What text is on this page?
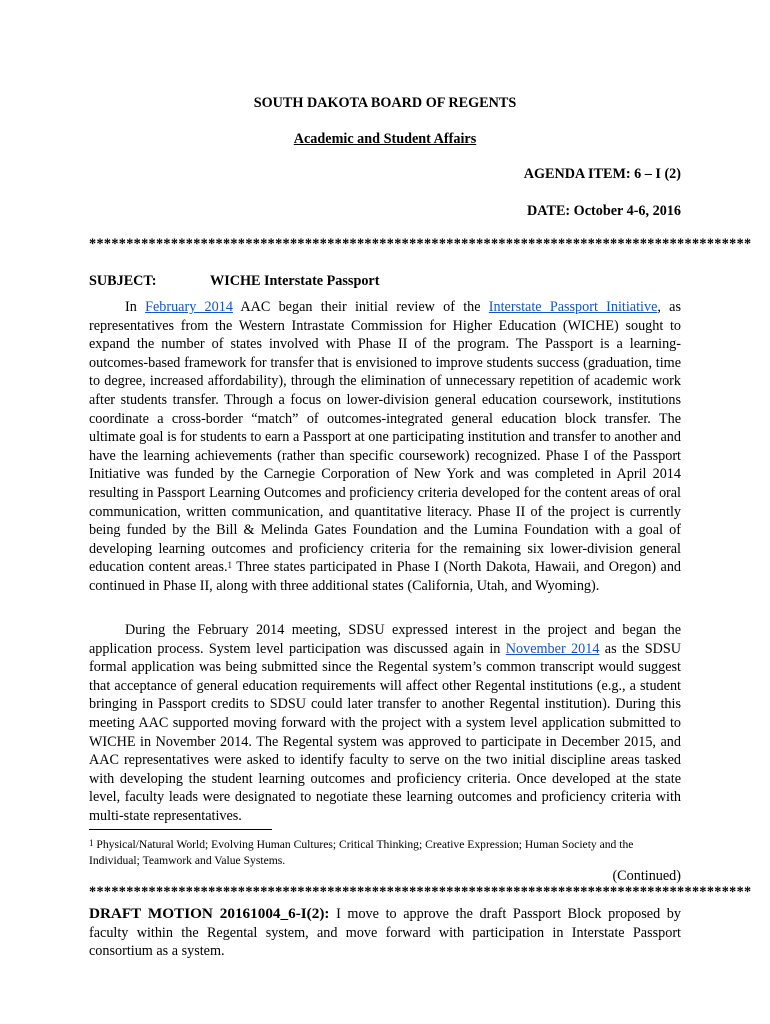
SOUTH DAKOTA BOARD OF REGENTS
Academic and Student Affairs
AGENDA ITEM: 6 – I (2)
DATE: October 4-6, 2016
*****************************************************************************************
SUBJECT:	WICHE Interstate Passport

In February 2014 AAC began their initial review of the Interstate Passport Initiative, as representatives from the Western Intrastate Commission for Higher Education (WICHE) sought to expand the number of states involved with Phase II of the program. The Passport is a learning-outcomes-based framework for transfer that is envisioned to improve students success (graduation, time to degree, increased affordability), through the elimination of unnecessary repetition of academic work after students transfer. Through a focus on lower-division general education coursework, institutions coordinate a cross-border “match” of outcomes-integrated general education block transfer. The ultimate goal is for students to earn a Passport at one participating institution and transfer to another and have the learning achievements (rather than specific coursework) recognized. Phase I of the Passport Initiative was funded by the Carnegie Corporation of New York and was completed in April 2014 resulting in Passport Learning Outcomes and proficiency criteria developed for the content areas of oral communication, written communication, and quantitative literacy. Phase II of the project is currently being funded by the Bill & Melinda Gates Foundation and the Lumina Foundation with a goal of developing learning outcomes and proficiency criteria for the remaining six lower-division general education content areas.$^1$ Three states participated in Phase I (North Dakota, Hawaii, and Oregon) and continued in Phase II, along with three additional states (California, Utah, and Wyoming).

During the February 2014 meeting, SDSU expressed interest in the project and began the application process. System level participation was discussed again in November 2014 as the SDSU formal application was being submitted since the Regental system’s common transcript would suggest that acceptance of general education requirements will affect other Regental institutions (e.g., a student bringing in Passport credits to SDSU could later transfer to another Regental institution). During this meeting AAC supported moving forward with the project with a system level application submitted to WICHE in November 2014. The Regental system was approved to participate in December 2015, and AAC representatives were asked to identify faculty to serve on the two initial discipline areas tasked with developing the student learning outcomes and proficiency criteria. Once developed at the state level, faculty leads were designated to negotiate these learning outcomes and proficiency criteria with multi-state representatives.

$^1$ Physical/Natural World; Evolving Human Cultures; Critical Thinking; Creative Expression; Human Society and the Individual; Teamwork and Value Systems.

(Continued)
*****************************************************************************************

DRAFT MOTION 20161004_6-I(2): I move to approve the draft Passport Block proposed by faculty within the Regental system, and move forward with participation in Interstate Passport consortium as a system.
